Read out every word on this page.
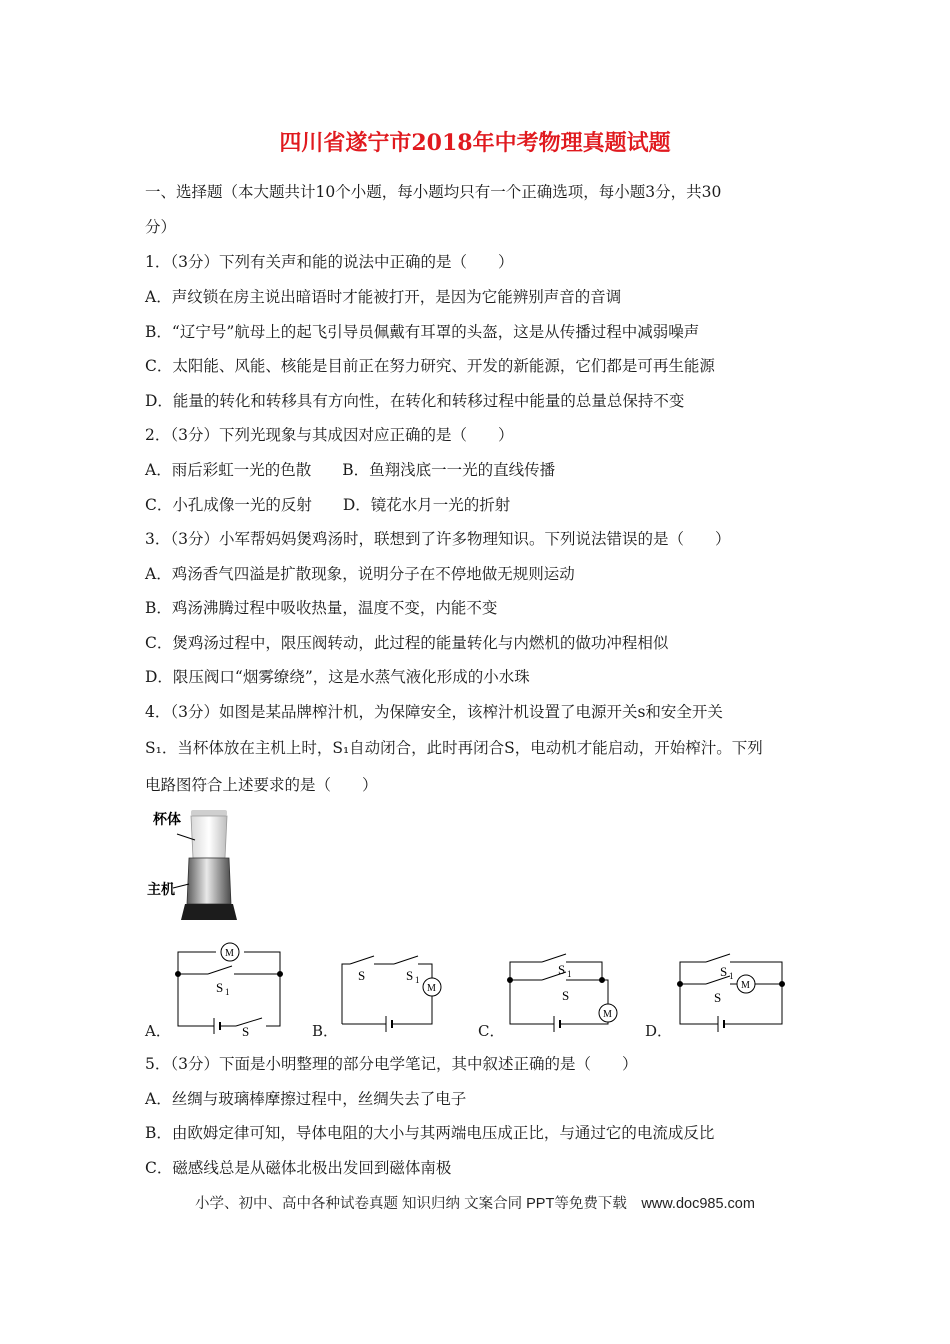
四川省遂宁市2018年中考物理真题试题
一、选择题（本大题共计10个小题，每小题均只有一个正确选项，每小题3分，共30
分）
1．（3分）下列有关声和能的说法中正确的是（　　）
A．声纹锁在房主说出暗语时才能被打开，是因为它能辨别声音的音调
B．“辽宁号”航母上的起飞引导员佩戴有耳罩的头盔，这是从传播过程中减弱噪声
C．太阳能、风能、核能是目前正在努力研究、开发的新能源，它们都是可再生能源
D．能量的转化和转移具有方向性，在转化和转移过程中能量的总量总保持不变
2．（3分）下列光现象与其成因对应正确的是（　　）
A．雨后彩虹一光的色散　　B．鱼翔浅底一一光的直线传播
C．小孔成像一光的反射　　D．镜花水月一光的折射
3．（3分）小军帮妈妈煲鸡汤时，联想到了许多物理知识。下列说法错误的是（　　）
A．鸡汤香气四溢是扩散现象，说明分子在不停地做无规则运动
B．鸡汤沸腾过程中吸收热量，温度不变，内能不变
C．煲鸡汤过程中，限压阀转动，此过程的能量转化与内燃机的做功冲程相似
D．限压阀口“烟雾缭绕”，这是水蒸气液化形成的小水珠
4．（3分）如图是某品牌榨汁机，为保障安全，该榨汁机设置了电源开关s和安全开关
S₁．当杯体放在主机上时，S₁自动闭合，此时再闭合S，电动机才能启动，开始榨汁。下列
电路图符合上述要求的是（　　）
杯体
主机
A．
M
S 1
S	B．
S	S 1
M
C．
S 1
S
M
D．
S 1
S
M
5．（3分）下面是小明整理的部分电学笔记，其中叙述正确的是（　　）
A．丝绸与玻璃棒摩擦过程中，丝绸失去了电子
B．由欧姆定律可知，导体电阻的大小与其两端电压成正比，与通过它的电流成反比
C．磁感线总是从磁体北极出发回到磁体南极
小学、初中、高中各种试卷真题 知识归纳 文案合同 PPT等免费下载　www.doc985.com
